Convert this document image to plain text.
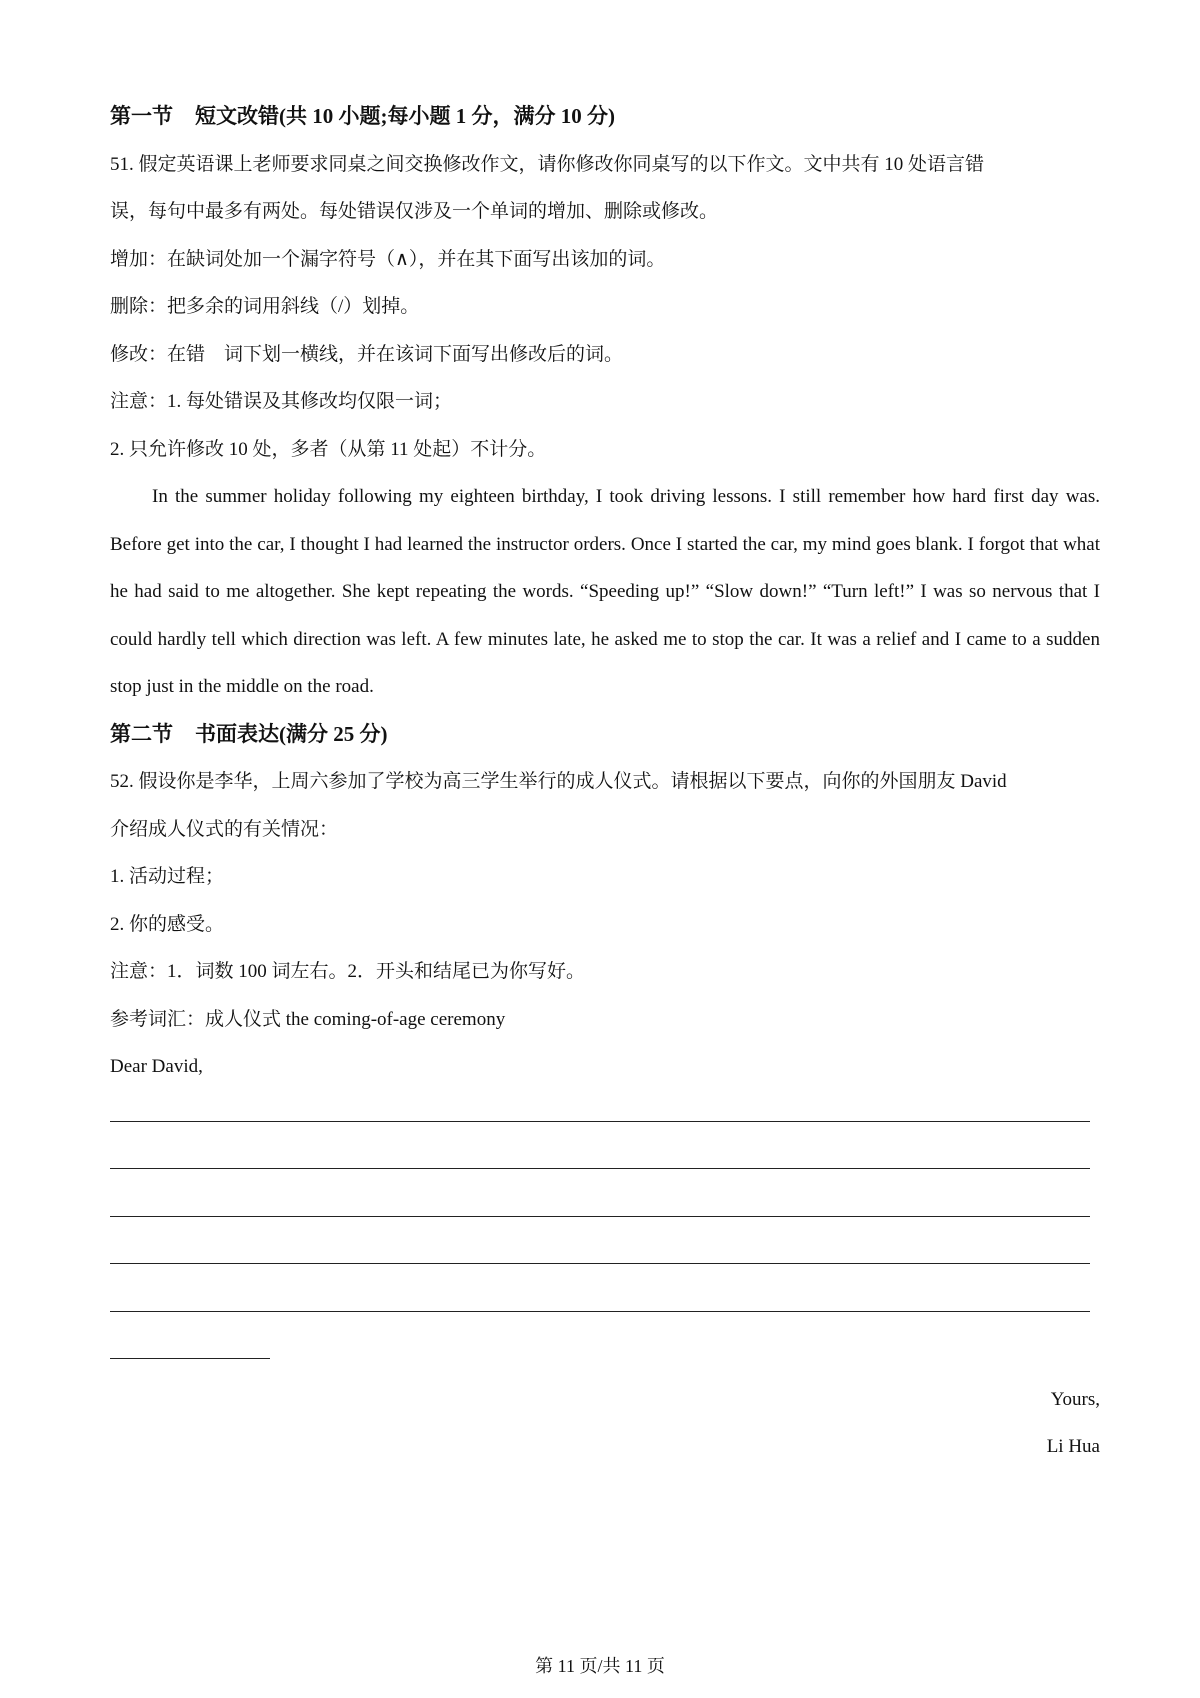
第一节 短文改错(共 10 小题;每小题 1 分，满分 10 分)
51. 假定英语课上老师要求同桌之间交换修改作文，请你修改你同桌写的以下作文。文中共有 10 处语言错
误，每句中最多有两处。每处错误仅涉及一个单词的增加、删除或修改。
增加：在缺词处加一个漏字符号（∧），并在其下面写出该加的词。
删除：把多余的词用斜线（/）划掉。
修改：在错　词下划一横线，并在该词下面写出修改后的词。
注意：1. 每处错误及其修改均仅限一词；
2. 只允许修改 10 处，多者（从第 11 处起）不计分。
In the summer holiday following my eighteen birthday, I took driving lessons. I still remember how hard first day was. Before get into the car, I thought I had learned the instructor orders. Once I started the car, my mind goes blank. I forgot that what he had said to me altogether. She kept repeating the words. “Speeding up!” “Slow down!” “Turn left!” I was so nervous that I could hardly tell which direction was left. A few minutes late, he asked me to stop the car. It was a relief and I came to a sudden stop just in the middle on the road.
第二节 书面表达(满分 25 分)
52. 假设你是李华，上周六参加了学校为高三学生举行的成人仪式。请根据以下要点，向你的外国朋友 David
介绍成人仪式的有关情况：
1. 活动过程；
2. 你的感受。
注意：1．词数 100 词左右。2．开头和结尾已为你写好。
参考词汇：成人仪式 the coming-of-age ceremony
Dear David,
Yours,
Li Hua
第 11 页/共 11 页
